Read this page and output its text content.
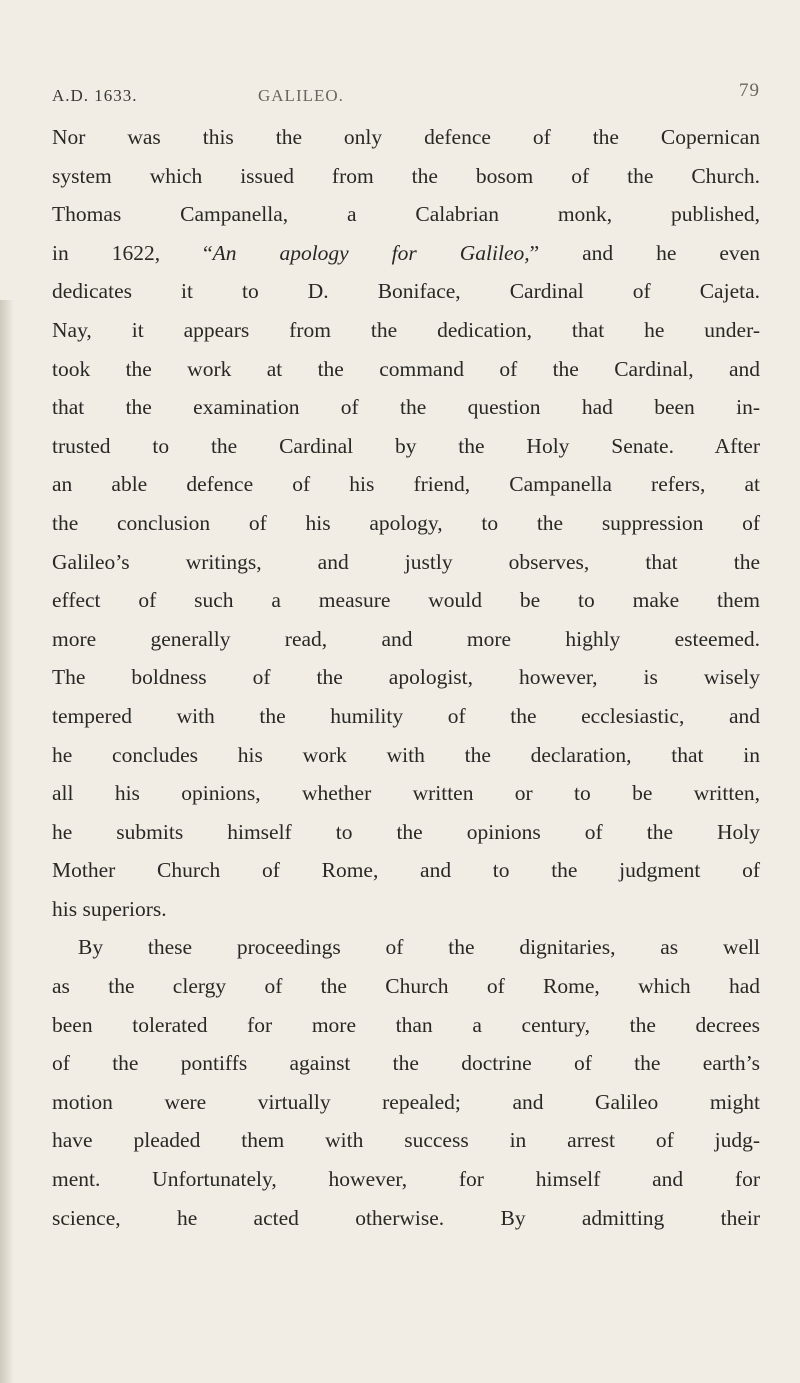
A.D. 1633.	GALILEO.	79
Nor was this the only defence of the Copernican
system which issued from the bosom of the Church.
Thomas Campanella, a Calabrian monk, published,
in 1622, “An apology for Galileo,” and he even
dedicates it to D. Boniface, Cardinal of Cajeta.
Nay, it appears from the dedication, that he under-
took the work at the command of the Cardinal, and
that the examination of the question had been in-
trusted to the Cardinal by the Holy Senate. After
an able defence of his friend, Campanella refers, at
the conclusion of his apology, to the suppression of
Galileo’s writings, and justly observes, that the
effect of such a measure would be to make them
more generally read, and more highly esteemed.
The boldness of the apologist, however, is wisely
tempered with the humility of the ecclesiastic, and
he concludes his work with the declaration, that in
all his opinions, whether written or to be written,
he submits himself to the opinions of the Holy
Mother Church of Rome, and to the judgment of
his superiors.
By these proceedings of the dignitaries, as well
as the clergy of the Church of Rome, which had
been tolerated for more than a century, the decrees
of the pontiffs against the doctrine of the earth’s
motion were virtually repealed; and Galileo might
have pleaded them with success in arrest of judg-
ment. Unfortunately, however, for himself and for
science, he acted otherwise. By admitting their
